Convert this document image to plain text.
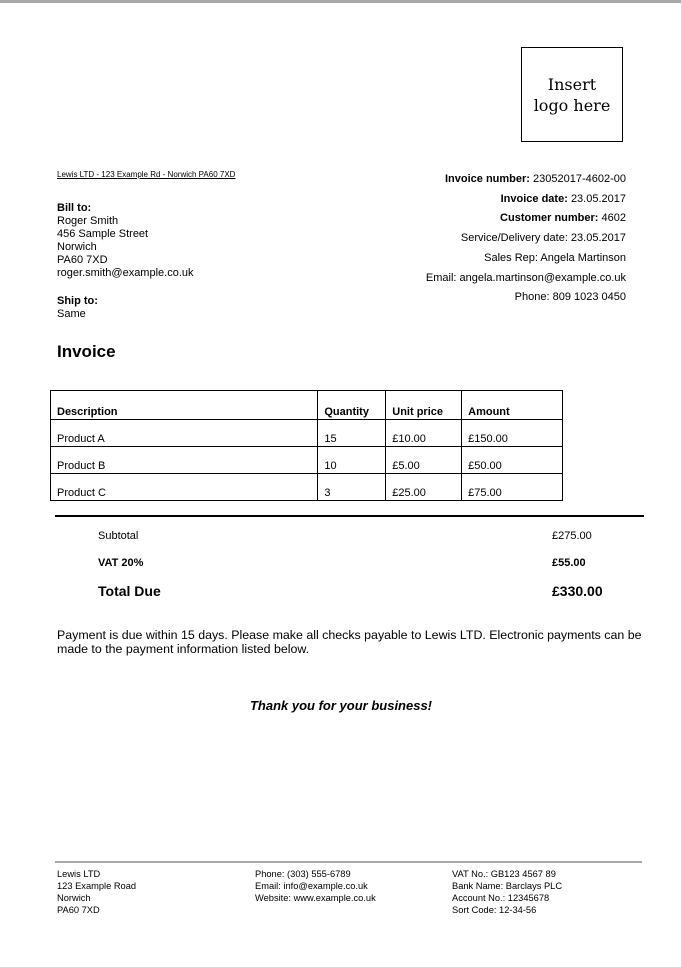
Insert
logo here
Lewis LTD - 123 Example Rd - Norwich PA60 7XD
Bill to:
Roger Smith
456 Sample Street
Norwich
PA60 7XD
roger.smith@example.co.uk
Ship to:
Same
Invoice number: 23052017-4602-00
Invoice date: 23.05.2017
Customer number: 4602
Service/Delivery date: 23.05.2017
Sales Rep: Angela Martinson
Email: angela.martinson@example.co.uk
Phone: 809 1023 0450
Invoice
Description	Quantity	Unit price	Amount
Product A	15	£10.00	£150.00
Product B	10	£5.00	£50.00
Product C	3	£25.00	£75.00
Subtotal	£275.00
VAT 20%	£55.00
Total Due	£330.00
Payment is due within 15 days. Please make all checks payable to Lewis LTD. Electronic payments can be made to the payment information listed below.
Thank you for your business!
Lewis LTD
123 Example Road
Norwich
PA60 7XD
Phone: (303) 555-6789
Email: info@example.co.uk
Website: www.example.co.uk
VAT No.: GB123 4567 89
Bank Name: Barclays PLC
Account No.: 12345678
Sort Code: 12-34-56
